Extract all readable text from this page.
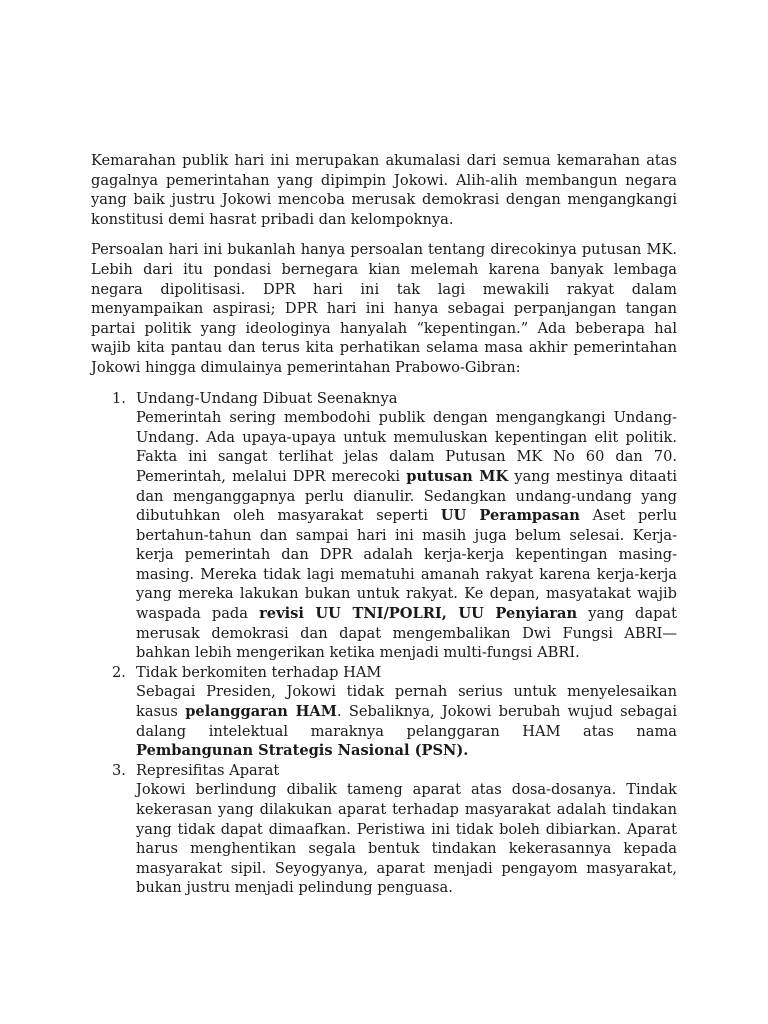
Kemarahan publik hari ini merupakan akumalasi dari semua kemarahan atas gagalnya pemerintahan yang dipimpin Jokowi. Alih-alih membangun negara yang baik justru Jokowi mencoba merusak demokrasi dengan mengangkangi konstitusi demi hasrat pribadi dan kelompoknya.

Persoalan hari ini bukanlah hanya persoalan tentang direcokinya putusan MK. Lebih dari itu pondasi bernegara kian melemah karena banyak lembaga negara dipolitisasi. DPR hari ini tak lagi mewakili rakyat dalam menyampaikan aspirasi; DPR hari ini hanya sebagai perpanjangan tangan partai politik yang ideologinya hanyalah “kepentingan.” Ada beberapa hal wajib kita pantau dan terus kita perhatikan selama masa akhir pemerintahan Jokowi hingga dimulainya pemerintahan Prabowo-Gibran:

1. Undang-Undang Dibuat Seenaknya
Pemerintah sering membodohi publik dengan mengangkangi Undang-Undang. Ada upaya-upaya untuk memuluskan kepentingan elit politik. Fakta ini sangat terlihat jelas dalam Putusan MK No 60 dan 70. Pemerintah, melalui DPR merecoki putusan MK yang mestinya ditaati dan menganggapnya perlu dianulir. Sedangkan undang-undang yang dibutuhkan oleh masyarakat seperti UU Perampasan Aset perlu bertahun-tahun dan sampai hari ini masih juga belum selesai. Kerja-kerja pemerintah dan DPR adalah kerja-kerja kepentingan masing-masing. Mereka tidak lagi mematuhi amanah rakyat karena kerja-kerja yang mereka lakukan bukan untuk rakyat. Ke depan, masyatakat wajib waspada pada revisi UU TNI/POLRI, UU Penyiaran yang dapat merusak demokrasi dan dapat mengembalikan Dwi Fungsi ABRI—bahkan lebih mengerikan ketika menjadi multi-fungsi ABRI.
2. Tidak berkomiten terhadap HAM
Sebagai Presiden, Jokowi tidak pernah serius untuk menyelesaikan kasus pelanggaran HAM. Sebaliknya, Jokowi berubah wujud sebagai dalang intelektual maraknya pelanggaran HAM atas nama Pembangunan Strategis Nasional (PSN).
3. Represifitas Aparat
Jokowi berlindung dibalik tameng aparat atas dosa-dosanya. Tindak kekerasan yang dilakukan aparat terhadap masyarakat adalah tindakan yang tidak dapat dimaafkan. Peristiwa ini tidak boleh dibiarkan. Aparat harus menghentikan segala bentuk tindakan kekerasannya kepada masyarakat sipil. Seyogyanya, aparat menjadi pengayom masyarakat, bukan justru menjadi pelindung penguasa.
